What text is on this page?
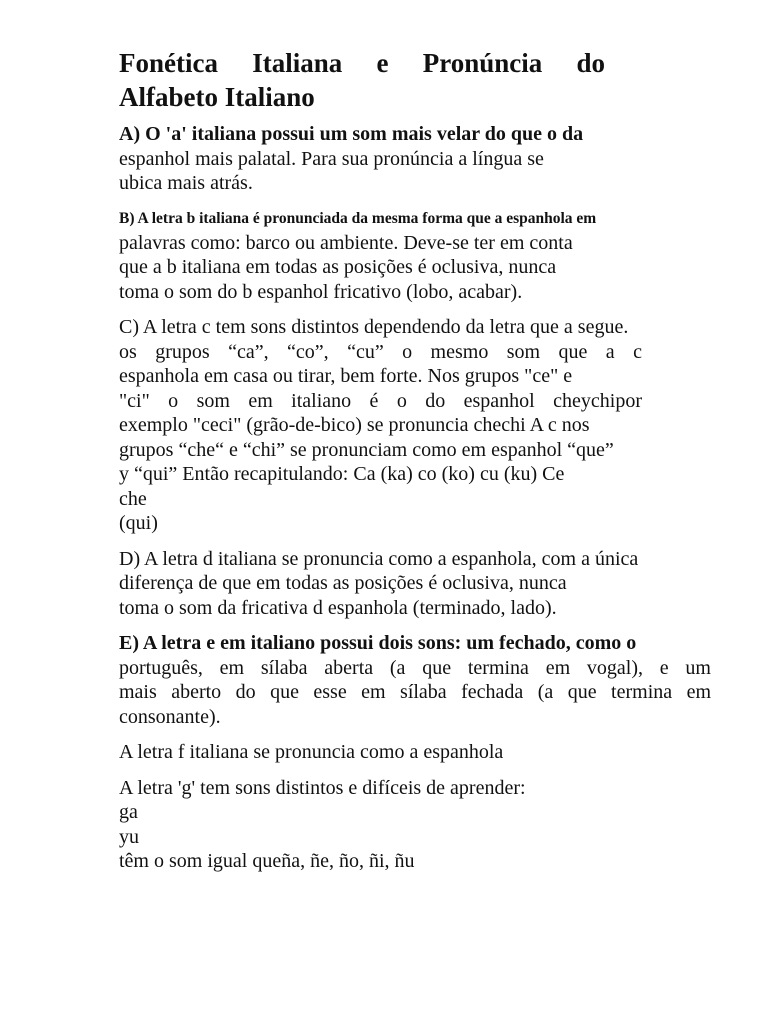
Fonética Italiana e Pronúncia do
Alfabeto Italiano
A) O 'a' italiana possui um som mais velar do que o da
espanhol mais palatal. Para sua pronúncia a língua se
ubica mais atrás.
B) A letra b italiana é pronunciada da mesma forma que a espanhola em
palavras como: barco ou ambiente. Deve-se ter em conta
que a b italiana em todas as posições é oclusiva, nunca
toma o som do b espanhol fricativo (lobo, acabar).
C) A letra c tem sons distintos dependendo da letra que a segue.
os grupos “ca”, “co”, “cu” o mesmo som que a c
espanhola em casa ou tirar, bem forte. Nos grupos "ce" e
"ci" o som em italiano é o do espanhol cheychipor
exemplo "ceci" (grão-de-bico) se pronuncia chechi A c nos
grupos “che“ e “chi” se pronunciam como em espanhol “que”
y “qui” Então recapitulando: Ca (ka) co (ko) cu (ku) Ce
che
(qui)
D) A letra d italiana se pronuncia como a espanhola, com a única
diferença de que em todas as posições é oclusiva, nunca
toma o som da fricativa d espanhola (terminado, lado).
E) A letra e em italiano possui dois sons: um fechado, como o
português, em sílaba aberta (a que termina em vogal), e um
mais aberto do que esse em sílaba fechada (a que termina em
consonante).
A letra f italiana se pronuncia como a espanhola
A letra 'g' tem sons distintos e difíceis de aprender:
ga
yu
têm o som igual queña, ñe, ño, ñi, ñu
